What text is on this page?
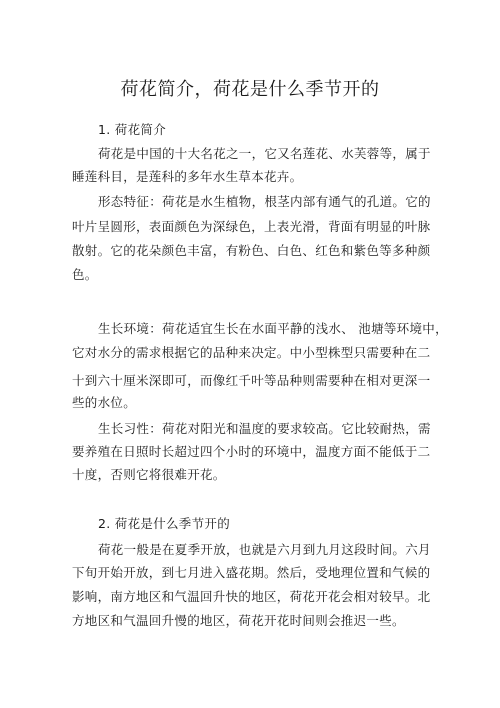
荷花简介，荷花是什么季节开的
1. 荷花简介
荷花是中国的十大名花之一，它又名莲花、水芙蓉等，属于
睡莲科目，是莲科的多年水生草本花卉。
形态特征：荷花是水生植物，根茎内部有通气的孔道。它的
叶片呈圆形，表面颜色为深绿色，上表光滑，背面有明显的叶脉
散射。它的花朵颜色丰富，有粉色、白色、红色和紫色等多种颜
色。
生长环境：荷花适宜生长在水面平静的浅水、 池塘等环境中，
它对水分的需求根据它的品种来决定。中小型株型只需要种在二
十到六十厘米深即可，而像红千叶等品种则需要种在相对更深一
些的水位。
生长习性：荷花对阳光和温度的要求较高。它比较耐热，需
要养殖在日照时长超过四个小时的环境中，温度方面不能低于二
十度，否则它将很难开花。
2. 荷花是什么季节开的
荷花一般是在夏季开放，也就是六月到九月这段时间。六月
下旬开始开放，到七月进入盛花期。然后，受地理位置和气候的
影响，南方地区和气温回升快的地区，荷花开花会相对较早。北
方地区和气温回升慢的地区，荷花开花时间则会推迟一些。
